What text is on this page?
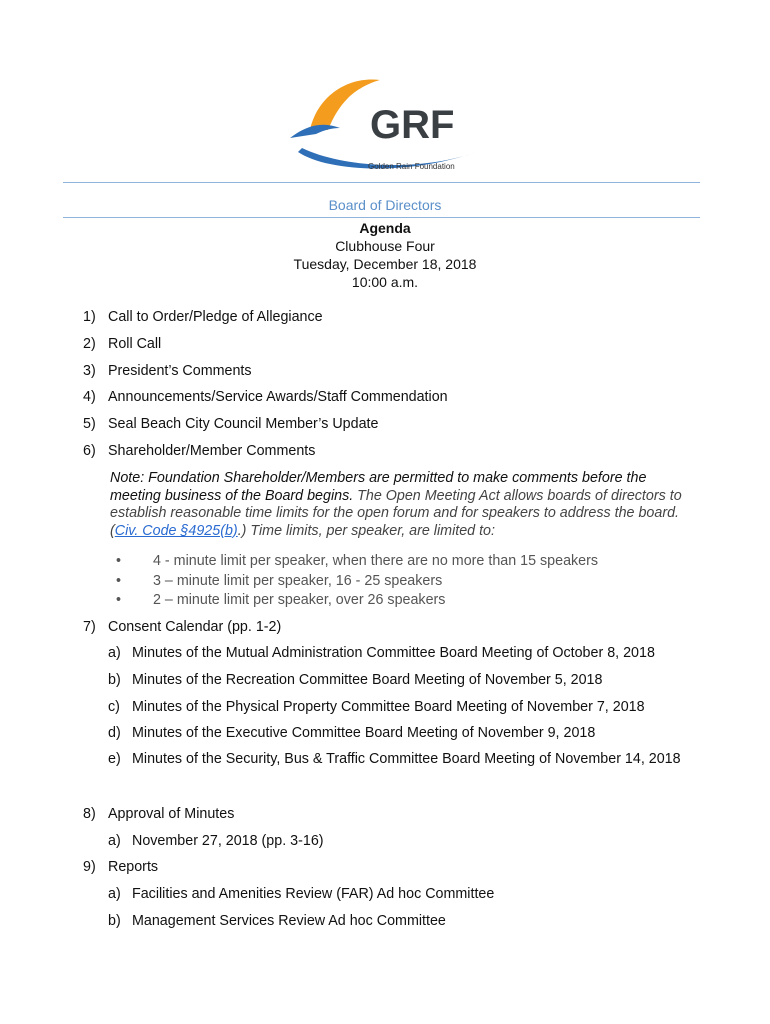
GRF
Golden Rain Foundation
Board of Directors
Agenda
Clubhouse Four
Tuesday, December 18, 2018
10:00 a.m.
1) Call to Order/Pledge of Allegiance
2) Roll Call
3) President’s Comments
4) Announcements/Service Awards/Staff Commendation
5) Seal Beach City Council Member’s Update
6) Shareholder/Member Comments
Note: Foundation Shareholder/Members are permitted to make comments before the meeting business of the Board begins. The Open Meeting Act allows boards of directors to establish reasonable time limits for the open forum and for speakers to address the board. (Civ. Code §4925(b).) Time limits, per speaker, are limited to:
• 4 - minute limit per speaker, when there are no more than 15 speakers
• 3 – minute limit per speaker, 16 - 25 speakers
• 2 – minute limit per speaker, over 26 speakers
7) Consent Calendar (pp. 1-2)
a) Minutes of the Mutual Administration Committee Board Meeting of October 8, 2018
b) Minutes of the Recreation Committee Board Meeting of November 5, 2018
c) Minutes of the Physical Property Committee Board Meeting of November 7, 2018
d) Minutes of the Executive Committee Board Meeting of November 9, 2018
e) Minutes of the Security, Bus & Traffic Committee Board Meeting of November 14, 2018
8) Approval of Minutes
a) November 27, 2018 (pp. 3-16)
9) Reports
a) Facilities and Amenities Review (FAR) Ad hoc Committee
b) Management Services Review Ad hoc Committee
